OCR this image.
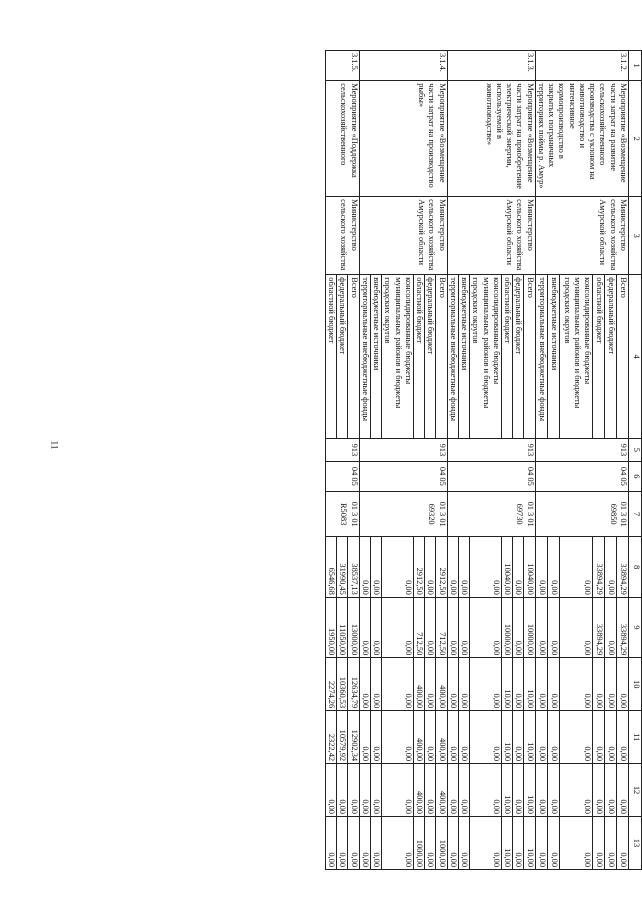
11
1	2	3	4	5	6	7	8	9	10	11	12	13
3.1.2.	Мероприятие «Возмещение части затрат на развитие сельскохозяйственного производства с уклоном на животноводство и интенсивное кормопроизводство в закрытых пограничных территориях поймы р. Амур»	Министерство сельского хозяйства Амурской области	Всего	913	04 05	01 3 01 69850	33894,29	33894,29	0,00	0,00	0,00	0,00
			федеральный бюджет				0,00	0,00	0,00	0,00	0,00	0,00
			областной бюджет				33894,29	33894,29	0,00	0,00	0,00	0,00
			консолидированные бюджеты муниципальных районов и бюджеты городских округов				0,00	0,00	0,00	0,00	0,00	0,00
			внебюджетные источники				0,00	0,00	0,00	0,00	0,00	0,00
			территориальные внебюджетные фонды				0,00	0,00	0,00	0,00	0,00	0,00
3.1.3.	Мероприятие «Возмещение части затрат на приобретение электрической энергии, используемой в животноводстве»	Министерство сельского хозяйства Амурской области	Всего	913	04 05	01 3 01 69730	10040,00	10000,00	10,00	10,00	10,00	10,00
			федеральный бюджет				0,00	0,00	0,00	0,00	0,00	0,00
			областной бюджет				10040,00	10000,00	10,00	10,00	10,00	10,00
			консолидированные бюджеты муниципальных районов и бюджеты городских округов				0,00	0,00	0,00	0,00	0,00	0,00
			внебюджетные источники				0,00	0,00	0,00	0,00	0,00	0,00
			территориальные внебюджетные фонды				0,00	0,00	0,00	0,00	0,00	0,00
3.1.4.	Мероприятие «Возмещение части затрат на производство рыбы»	Министерство сельского хозяйства Амурской области	Всего	913	04 05	01 3 01 69320	2912,50	712,50	400,00	400,00	400,00	1000,00
			федеральный бюджет				0,00	0,00	0,00	0,00	0,00	0,00
			областной бюджет				2912,50	712,50	400,00	400,00	400,00	1000,00
			консолидированные бюджеты муниципальных районов и бюджеты городских округов				0,00	0,00	0,00	0,00	0,00	0,00
			внебюджетные источники				0,00	0,00	0,00	0,00	0,00	0,00
			территориальные внебюджетные фонды				0,00	0,00	0,00	0,00	0,00	0,00
3.1.5.	Мероприятие «Поддержка сельскохозяйственного	Министерство сельского хозяйства	Всего	913	04 05	01 3 01 R5083	38537,13	13000,00	12634,79	12902,34	0,00	0,00
			федеральный бюджет				31990,45	11050,00	10360,53	10579,92	0,00	0,00
			областной бюджет				6546,68	1950,00	2274,26	2322,42	0,00	0,00
